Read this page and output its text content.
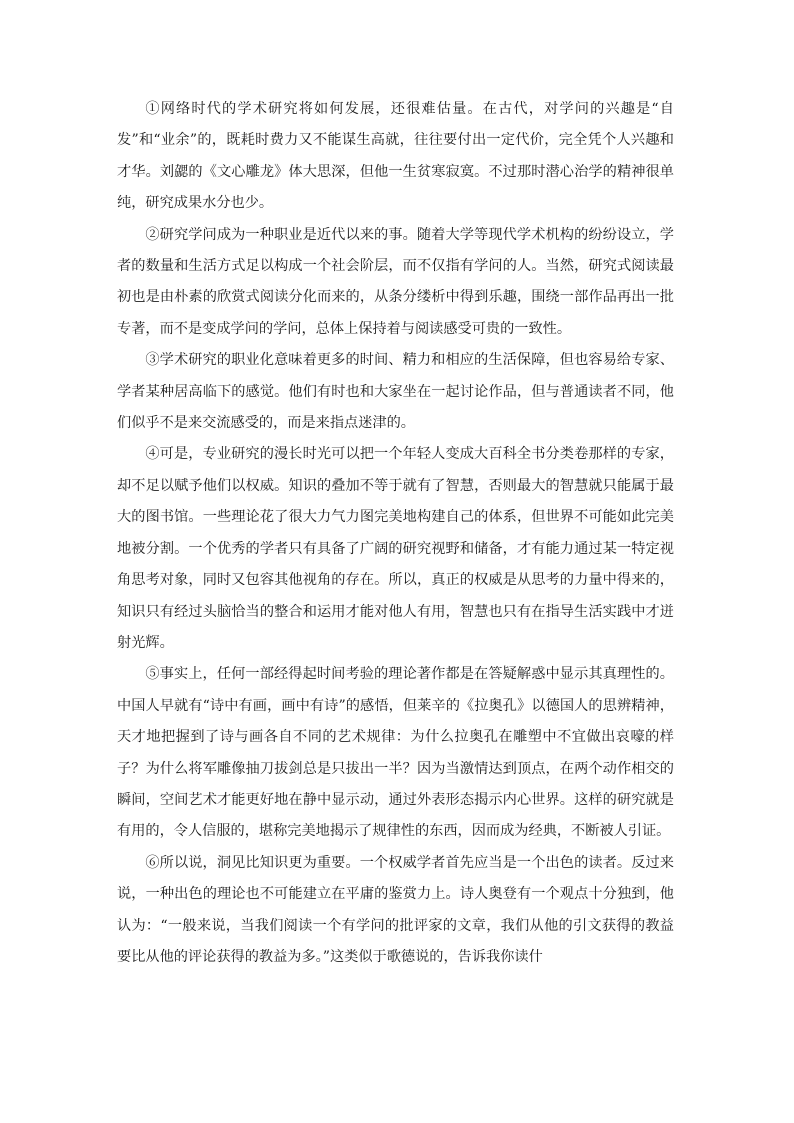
①网络时代的学术研究将如何发展，还很难估量。在古代，对学问的兴趣是“自发”和“业余”的，既耗时费力又不能谋生高就，往往要付出一定代价，完全凭个人兴趣和才华。刘勰的《文心雕龙》体大思深，但他一生贫寒寂寞。不过那时潜心治学的精神很单纯，研究成果水分也少。

②研究学问成为一种职业是近代以来的事。随着大学等现代学术机构的纷纷设立，学者的数量和生活方式足以构成一个社会阶层，而不仅指有学问的人。当然，研究式阅读最初也是由朴素的欣赏式阅读分化而来的，从条分缕析中得到乐趣，围绕一部作品再出一批专著，而不是变成学问的学问，总体上保持着与阅读感受可贵的一致性。

③学术研究的职业化意味着更多的时间、精力和相应的生活保障，但也容易给专家、学者某种居高临下的感觉。他们有时也和大家坐在一起讨论作品，但与普通读者不同，他们似乎不是来交流感受的，而是来指点迷津的。

④可是，专业研究的漫长时光可以把一个年轻人变成大百科全书分类卷那样的专家，却不足以赋予他们以权威。知识的叠加不等于就有了智慧，否则最大的智慧就只能属于最大的图书馆。一些理论花了很大力气力图完美地构建自己的体系，但世界不可能如此完美地被分割。一个优秀的学者只有具备了广阔的研究视野和储备，才有能力通过某一特定视角思考对象，同时又包容其他视角的存在。所以，真正的权威是从思考的力量中得来的，知识只有经过头脑恰当的整合和运用才能对他人有用，智慧也只有在指导生活实践中才迸射光辉。

⑤事实上，任何一部经得起时间考验的理论著作都是在答疑解惑中显示其真理性的。中国人早就有“诗中有画，画中有诗”的感悟，但莱辛的《拉奥孔》以德国人的思辨精神，天才地把握到了诗与画各自不同的艺术规律：为什么拉奥孔在雕塑中不宜做出哀嚎的样子？为什么将军雕像抽刀拔剑总是只拔出一半？因为当激情达到顶点，在两个动作相交的瞬间，空间艺术才能更好地在静中显示动，通过外表形态揭示内心世界。这样的研究就是有用的，令人信服的，堪称完美地揭示了规律性的东西，因而成为经典，不断被人引证。

⑥所以说，洞见比知识更为重要。一个权威学者首先应当是一个出色的读者。反过来说，一种出色的理论也不可能建立在平庸的鉴赏力上。诗人奥登有一个观点十分独到，他认为：“一般来说，当我们阅读一个有学问的批评家的文章，我们从他的引文获得的教益要比从他的评论获得的教益为多。”这类似于歌德说的，告诉我你读什
